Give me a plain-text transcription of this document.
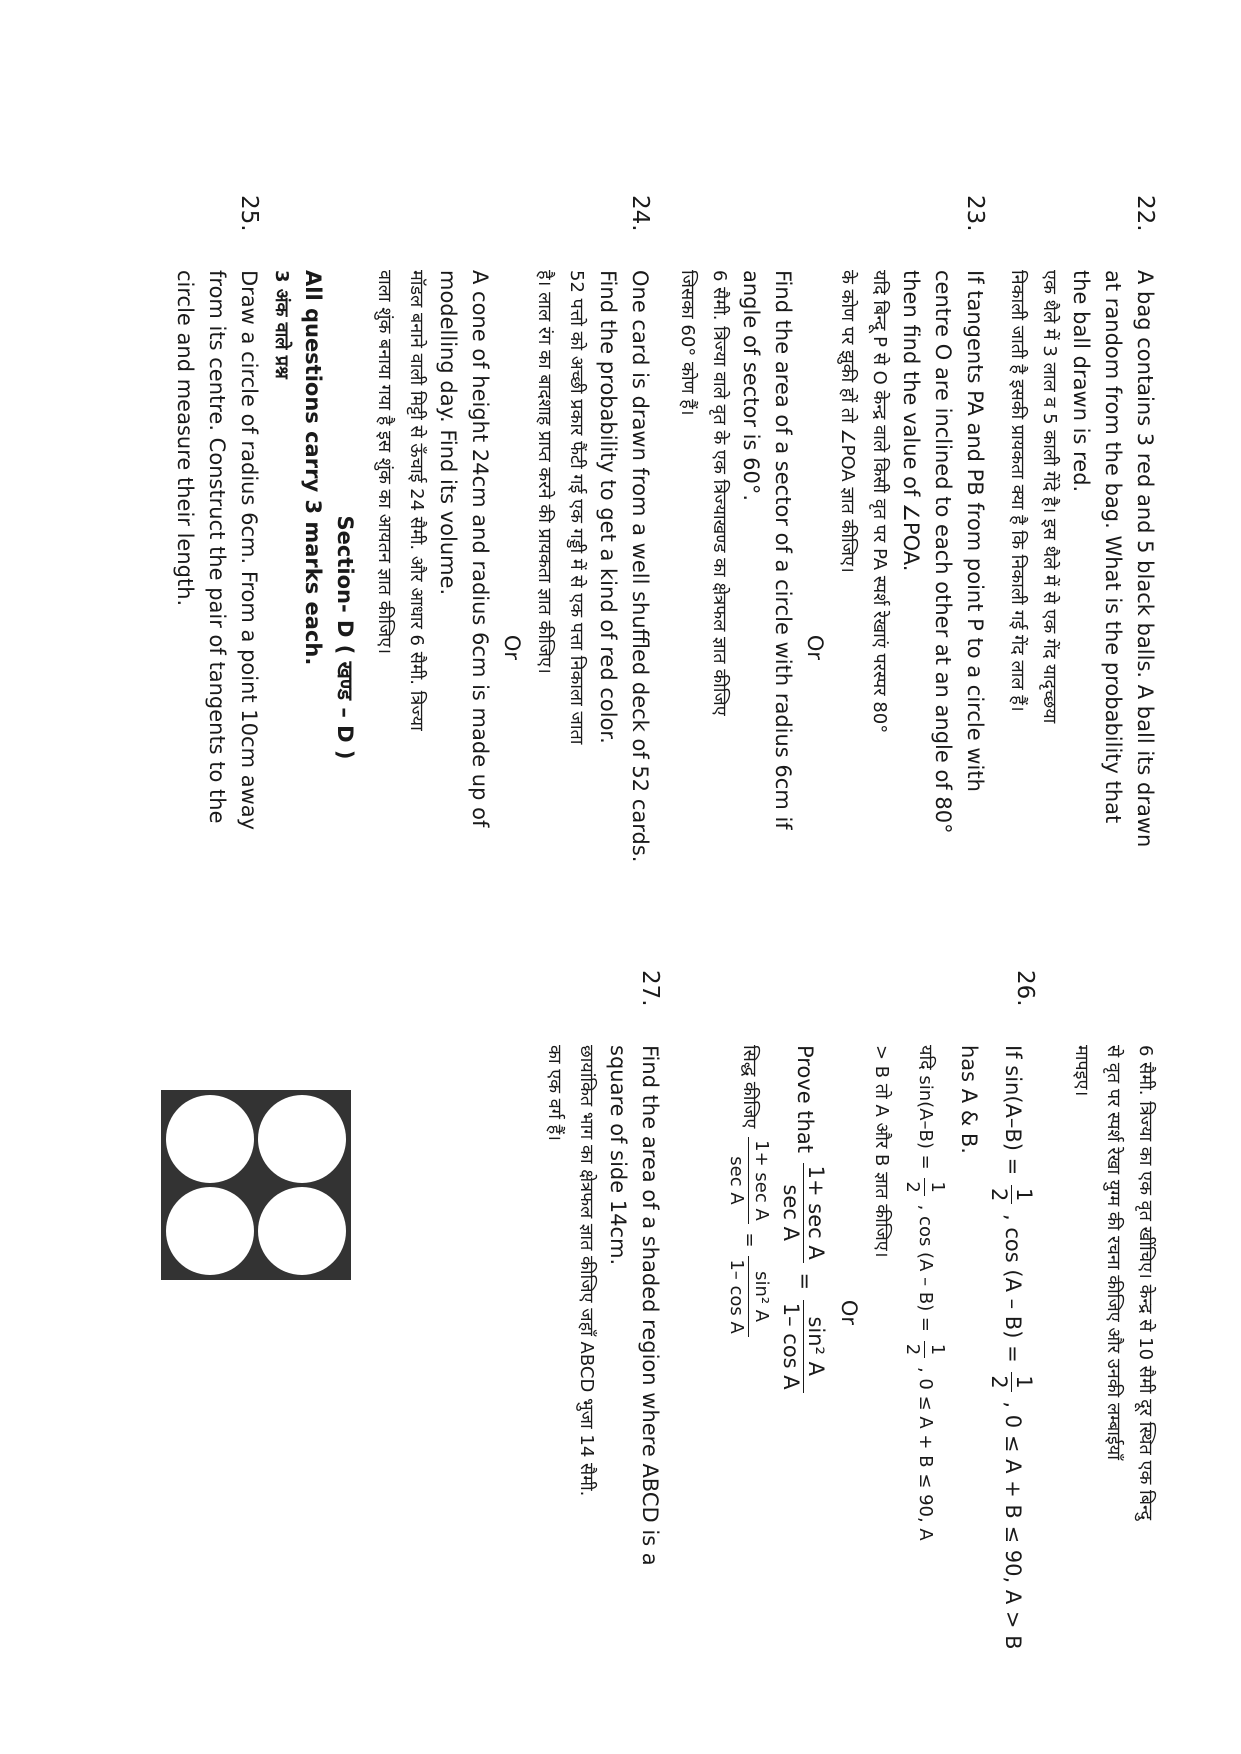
22.
A bag contains 3 red and 5 black balls. A ball its drawn
at random from the bag. What is the probability that
the ball drawn is red.
एक थैले में 3 लाल व 5 काली गेंदे है। इस थैले में से एक गेंद यादृच्छया
निकाली जाती है इसकी प्रायकता क्या है कि निकाली गई गेंद लाल हैं।
23.
If tangents PA and PB from point P to a circle with
centre O are inclined to each other at an angle of 80°
then find the value of ∠POA.
यदि बिन्दू P से O केन्द्र वाले किसी वृत पर PA स्पर्श रेखाएं परस्पर 80°
के कोण पर झुकी हों तो ∠POA ज्ञात कीजिए।
Or
Find the area of a sector of a circle with radius 6cm if
angle of sector is 60°.
6 सैमी. त्रिज्या वाले वृत के एक त्रिज्याखण्ड का क्षेत्रफल ज्ञात कीजिए
जिसका 60° कोण हैं।
24.
One card is drawn from a well shuffled deck of 52 cards.
Find the probability to get a kind of red color.
52 पत्तो को अच्छी प्रकार फैंटी गई एक गड्डी में से एक पत्ता निकाला जाता
है। लाल रंग का बादशाह प्राप्त करने की प्रायकता ज्ञात कीजिए।
Or
A cone of height 24cm and radius 6cm is made up of
modelling day. Find its volume.
मॉडल बनाने वाली मिट्टी से ऊँचाई 24 सैमी. और आधार 6 सैमी. त्रिज्या
वाला शुंक बनाया गया है इस शुंक का आयतन ज्ञात कीजिए।
Section- D ( खण्ड – D )
All questions carry 3 marks each.
3 अंक वाले प्रश्न
25.
Draw a circle of radius 6cm. From a point 10cm away
from its centre. Construct the pair of tangents to the
circle and measure their length.
6 सैमी. त्रिज्या का एक वृत खींचिए। केन्द्र से 10 सैमी दूर स्थित एक बिन्दु
से वृत पर स्पर्श रेखा युग्म की रचना कीजिए और उनकी लम्बाईयाँ
मापइए।
26.
If sin(A–B) =
1
2
, cos (A – B) =
1
2
, 0 ≤ A + B ≤ 90, A > B
has A & B.
यदि sin(A–B) =
1
2
, cos (A – B) =
1
2
, 0 ≤ A + B ≤ 90, A
> B तो A और B ज्ञात कीजिए।
Or
Prove that
1+ sec A
sec A
=
sin² A
1– cos A
सिद्ध कीजिए
1+ sec A
sec A
=
sin² A
1– cos A
27.
Find the area of a shaded region where ABCD is a
square of side 14cm.
छायांकित भाग का क्षेत्रफल ज्ञात कीजिए जहाँ ABCD भुजा 14 सैमी.
का एक वर्ग हैं।
